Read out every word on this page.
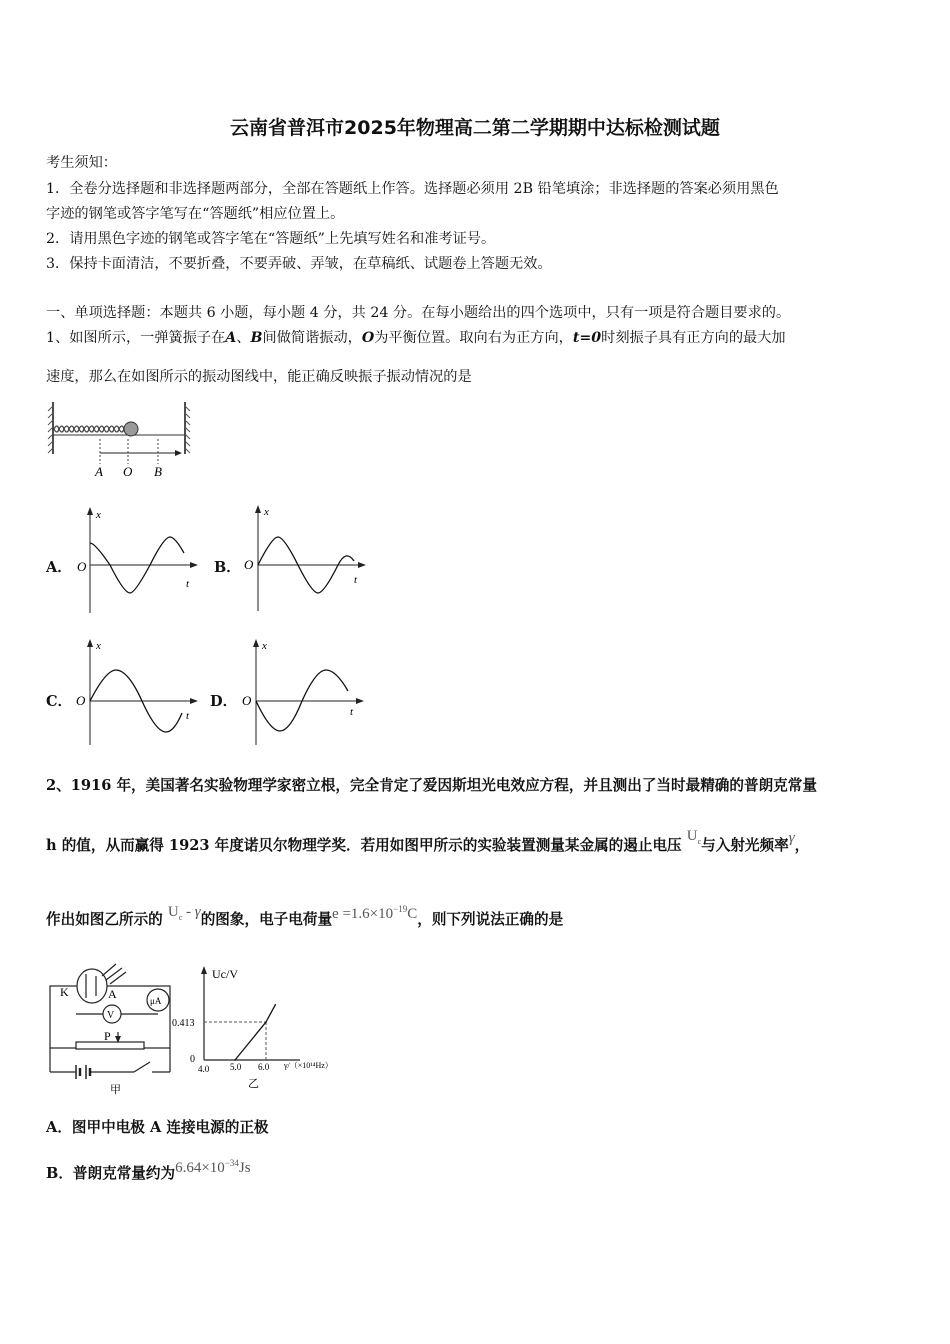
云南省普洱市2025年物理高二第二学期期中达标检测试题
考生须知：
1．全卷分选择题和非选择题两部分，全部在答题纸上作答。选择题必须用 2B 铅笔填涂；非选择题的答案必须用黑色
字迹的钢笔或答字笔写在“答题纸”相应位置上。
2．请用黑色字迹的钢笔或答字笔在“答题纸”上先填写姓名和准考证号。
3．保持卡面清洁，不要折叠，不要弄破、弄皱，在草稿纸、试题卷上答题无效。
一、单项选择题：本题共 6 小题，每小题 4 分，共 24 分。在每小题给出的四个选项中，只有一项是符合题目要求的。
1、如图所示，一弹簧振子在A、B间做简谐振动，O为平衡位置。取向右为正方向，t=0时刻振子具有正方向的最大加
速度，那么在如图所示的振动图线中，能正确反映振子振动情况的是
A O B
A．
x
O
t
B．
x
O
t
C．
x
O
t
D．
x
O
t
2、1916 年，美国著名实验物理学家密立根，完全肯定了爱因斯坦光电效应方程，并且测出了当时最精确的普朗克常量
h 的值，从而赢得 1923 年度诺贝尔物理学奖．若用如图甲所示的实验装置测量某金属的遏止电压 $U_c$与入射光频率γ，
作出如图乙所示的 $U_c$ - γ的图象，电子电荷量$e =1.6\times 10^{-19}C$，则下列说法正确的是
K	A	μA
V
P
甲
Uc/V
0.413
0
4.0 5.0 6.0 γ/（×10¹⁴Hz）
乙
A．图甲中电极 A 连接电源的正极
B．普朗克常量约为$6.64\times 10^{-34}Js$
